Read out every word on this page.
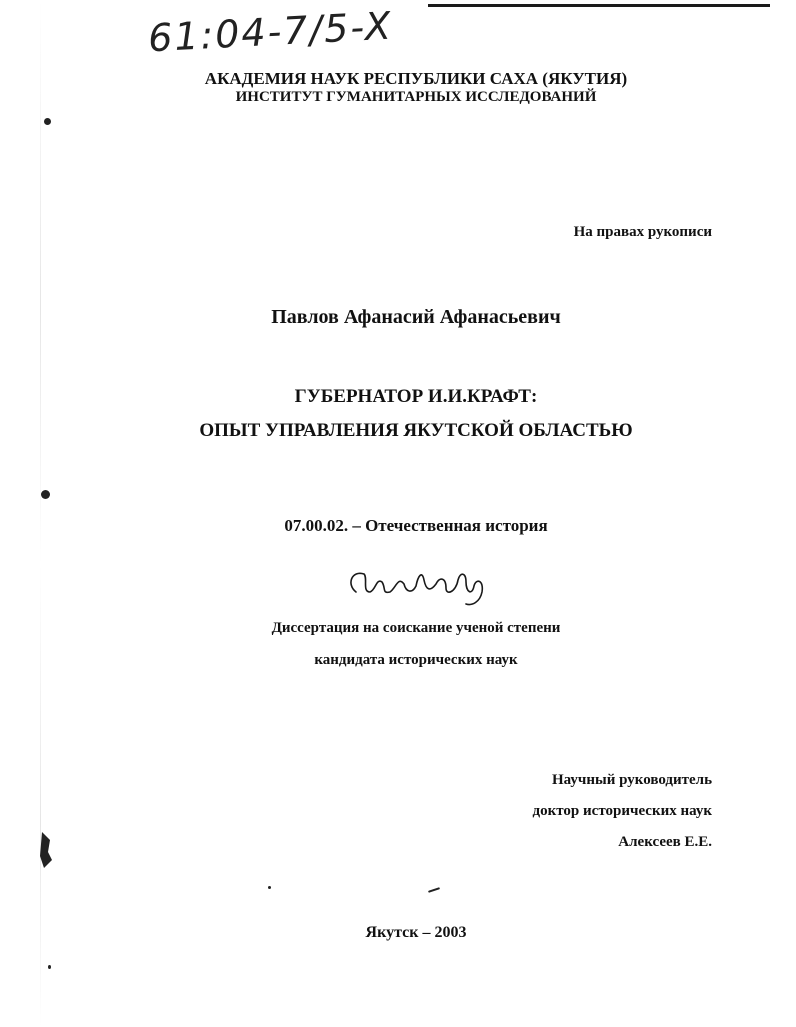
61:04-7/5-X
АКАДЕМИЯ НАУК РЕСПУБЛИКИ САХА (ЯКУТИЯ)
ИНСТИТУТ ГУМАНИТАРНЫХ ИССЛЕДОВАНИЙ
На правах рукописи
Павлов Афанасий Афанасьевич
ГУБЕРНАТОР И.И.КРАФТ:
ОПЫТ УПРАВЛЕНИЯ ЯКУТСКОЙ ОБЛАСТЬЮ
07.00.02. – Отечественная история
Диссертация на соискание ученой степени
кандидата исторических наук
Научный руководитель
доктор исторических наук
Алексеев Е.Е.
Якутск – 2003
